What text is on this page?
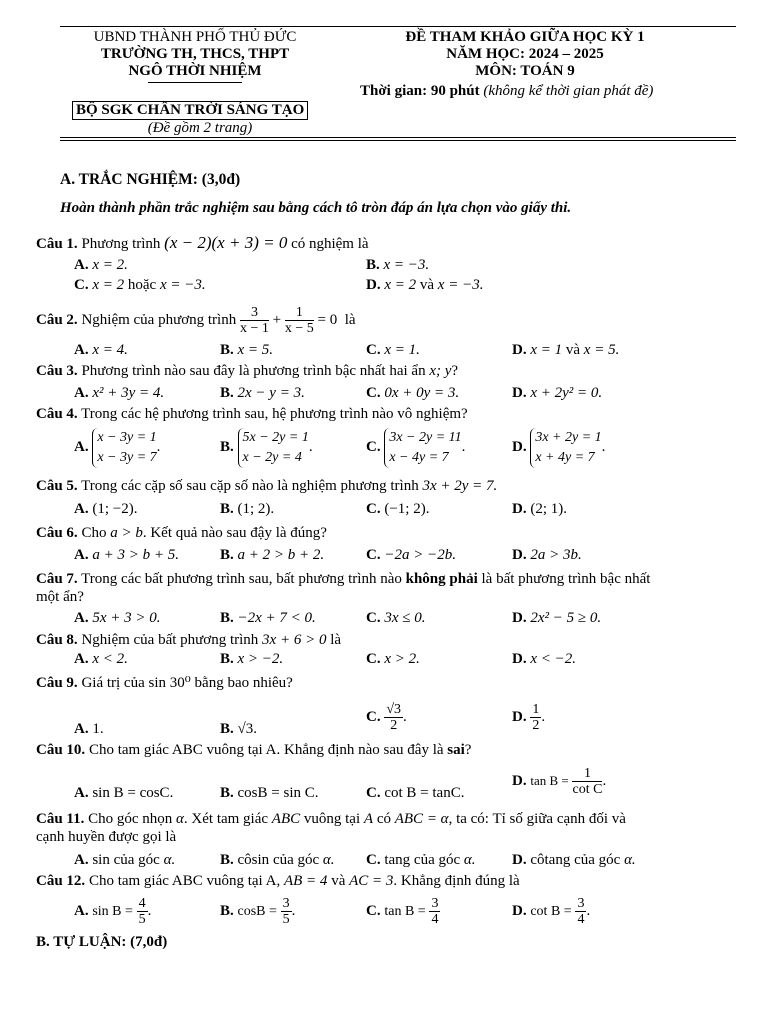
UBND THÀNH PHỐ THỦ ĐỨC
TRƯỜNG TH, THCS, THPT
NGÔ THỜI NHIỆM
BỘ SGK CHÂN TRỜI SÁNG TẠO
(Đề gồm 2 trang)
ĐỀ THAM KHẢO GIỮA HỌC KỲ 1
NĂM HỌC: 2024 – 2025
MÔN: TOÁN 9
Thời gian: 90 phút (không kể thời gian phát đề)
A. TRẮC NGHIỆM: (3,0đ)
Hoàn thành phần trắc nghiệm sau bằng cách tô tròn đáp án lựa chọn vào giấy thi.
Câu 1. Phương trình (x − 2)(x + 3) = 0 có nghiệm là
A. x = 2.	B. x = −3.
C. x = 2 hoặc x = −3.	D. x = 2 và x = −3.
Câu 2. Nghiệm của phương trình $\frac{3}{x - 1} + \frac{1}{x - 5} = 0$ là
A. x = 4.	B. x = 5.	C. x = 1.	D. x = 1 và x = 5.
Câu 3. Phương trình nào sau đây là phương trình bậc nhất hai ẩn x; y?
A. x² + 3y = 4.	B. 2x − y = 3.	C. 0x + 0y = 3.	D. x + 2y² = 0.
Câu 4. Trong các hệ phương trình sau, hệ phương trình nào vô nghiệm?
A. x − 3y = 1
x − 3y = 7.	B. 5x − 2y = 1
x − 2y = 4.	C. 3x − 2y = 11
x − 4y = 7.	D. 3x + 2y = 1
x + 4y = 7.
Câu 5. Trong các cặp số sau cặp số nào là nghiệm phương trình 3x + 2y = 7.
A. (1; −2).	B. (1; 2).	C. (−1; 2).	D. (2; 1).
Câu 6. Cho a > b. Kết quả nào sau đậy là đúng?
A. a + 3 > b + 5.	B. a + 2 > b + 2.	C. −2a > −2b.	D. 2a > 3b.
Câu 7. Trong các bất phương trình sau, bất phương trình nào không phải là bất phương trình bậc nhất
một ẩn?
A. 5x + 3 > 0.	B. −2x + 7 < 0.	C. 3x ≤ 0.	D. 2x² − 5 ≥ 0.
Câu 8. Nghiệm của bất phương trình 3x + 6 > 0 là
A. x < 2.	B. x > −2.	C. x > 2.	D. x < −2.
Câu 9. Giá trị của sin 30⁰ bằng bao nhiêu?
A. 1.	B. √3.
C. $\frac{√3}{2}$ .	D. $\frac{1}{2}$ .
Câu 10. Cho tam giác ABC vuông tại A. Khẳng định nào sau đây là sai?
A. sin B = cosC.	B. cosB = sin C.	C. cot B = tanC.
D. $\tan B = \frac{1}{\text{cot C}}$ .
Câu 11. Cho góc nhọn α. Xét tam giác ABC vuông tại A có ABC = α, ta có: Tỉ số giữa cạnh đối và
cạnh huyền được gọi là
A. sin của góc α.	B. côsin của góc α. C. tang của góc α. D. côtang của góc α.
Câu 12. Cho tam giác ABC vuông tại A, AB = 4 và AC = 3. Khẳng định đúng là
A. $\sin B = \frac{4}{5}$ .	B. $\cos B = \frac{3}{5}$ .	C. $\tan B = \frac{3}{4}$	D. $\cot B = \frac{3}{4}$ .
B. TỰ LUẬN: (7,0đ)
